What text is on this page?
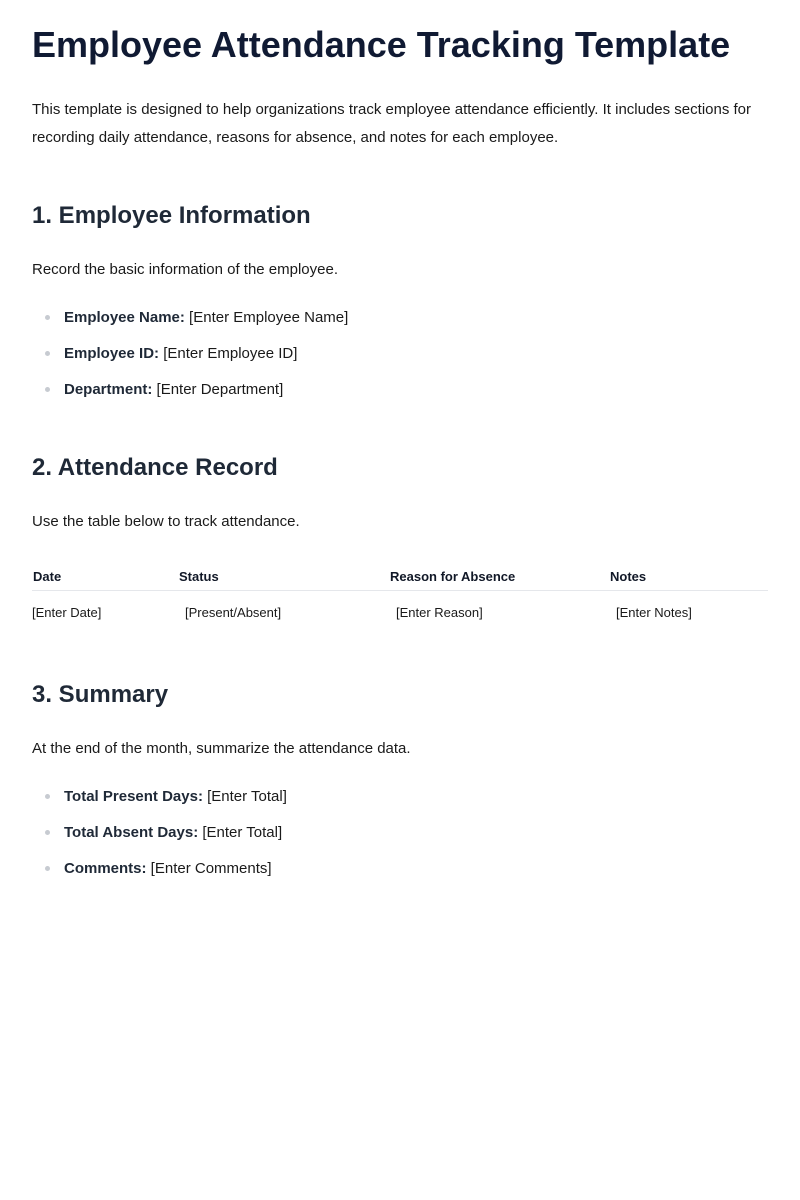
Employee Attendance Tracking Template

This template is designed to help organizations track employee attendance efficiently. It includes sections for recording daily attendance, reasons for absence, and notes for each employee.

1. Employee Information

Record the basic information of the employee.

Employee Name: [Enter Employee Name]
Employee ID: [Enter Employee ID]
Department: [Enter Department]
2. Attendance Record

Use the table below to track attendance.

Date	Status	Reason for Absence	Notes
[Enter Date]	[Present/Absent]	[Enter Reason]	[Enter Notes]
3. Summary

At the end of the month, summarize the attendance data.

Total Present Days: [Enter Total]
Total Absent Days: [Enter Total]
Comments: [Enter Comments]
